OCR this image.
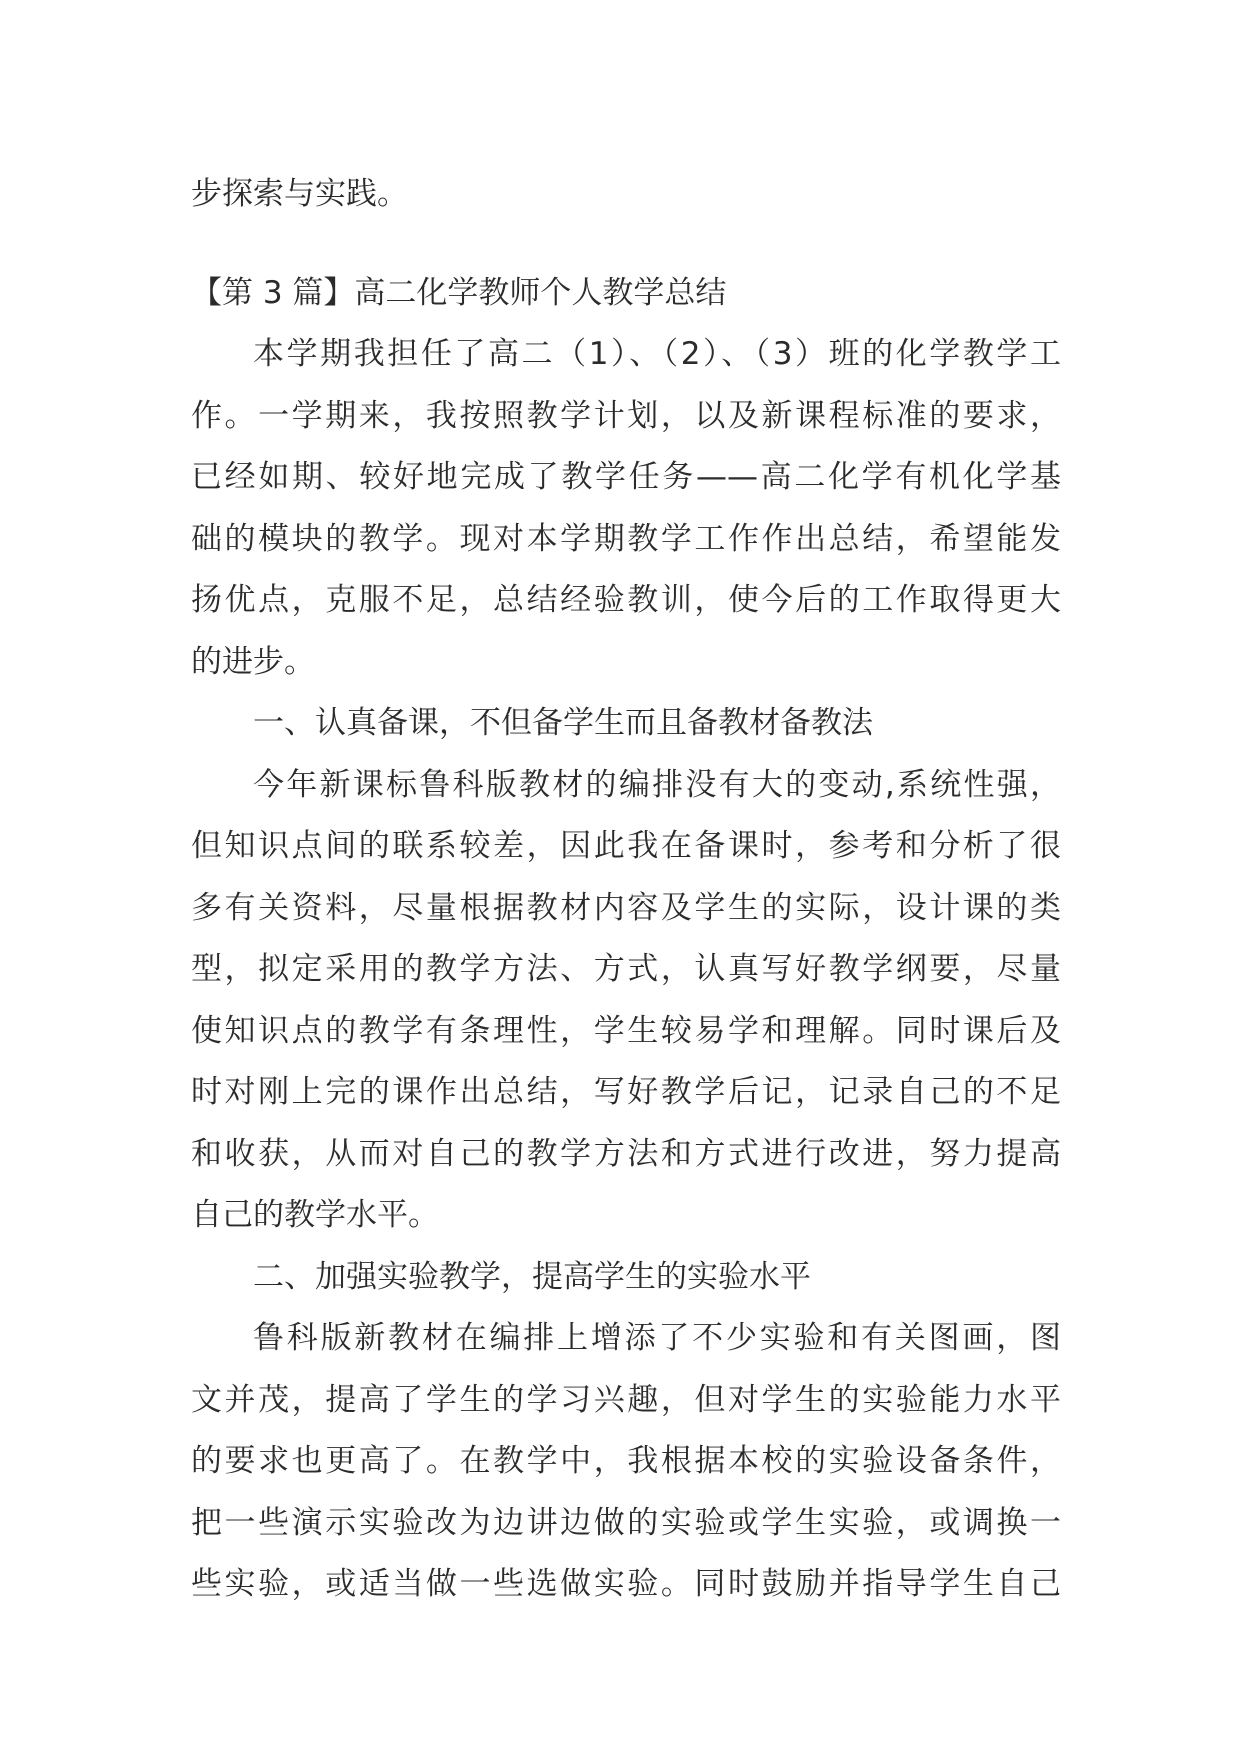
步探索与实践。
【第 3 篇】高二化学教师个人教学总结
本学期我担任了高二（1）、（2）、（3）班的化学教学工
作。一学期来，我按照教学计划，以及新课程标准的要求，
已经如期、较好地完成了教学任务——高二化学有机化学基
础的模块的教学。现对本学期教学工作作出总结，希望能发
扬优点，克服不足，总结经验教训，使今后的工作取得更大
的进步。
一、认真备课，不但备学生而且备教材备教法
今年新课标鲁科版教材的编排没有大的变动,系统性强，
但知识点间的联系较差，因此我在备课时，参考和分析了很
多有关资料，尽量根据教材内容及学生的实际，设计课的类
型，拟定采用的教学方法、方式，认真写好教学纲要，尽量
使知识点的教学有条理性，学生较易学和理解。同时课后及
时对刚上完的课作出总结，写好教学后记，记录自己的不足
和收获，从而对自己的教学方法和方式进行改进，努力提高
自己的教学水平。
二、加强实验教学，提高学生的实验水平
鲁科版新教材在编排上增添了不少实验和有关图画，图
文并茂，提高了学生的学习兴趣，但对学生的实验能力水平
的要求也更高了。在教学中，我根据本校的实验设备条件，
把一些演示实验改为边讲边做的实验或学生实验，或调换一
些实验，或适当做一些选做实验。同时鼓励并指导学生自己
